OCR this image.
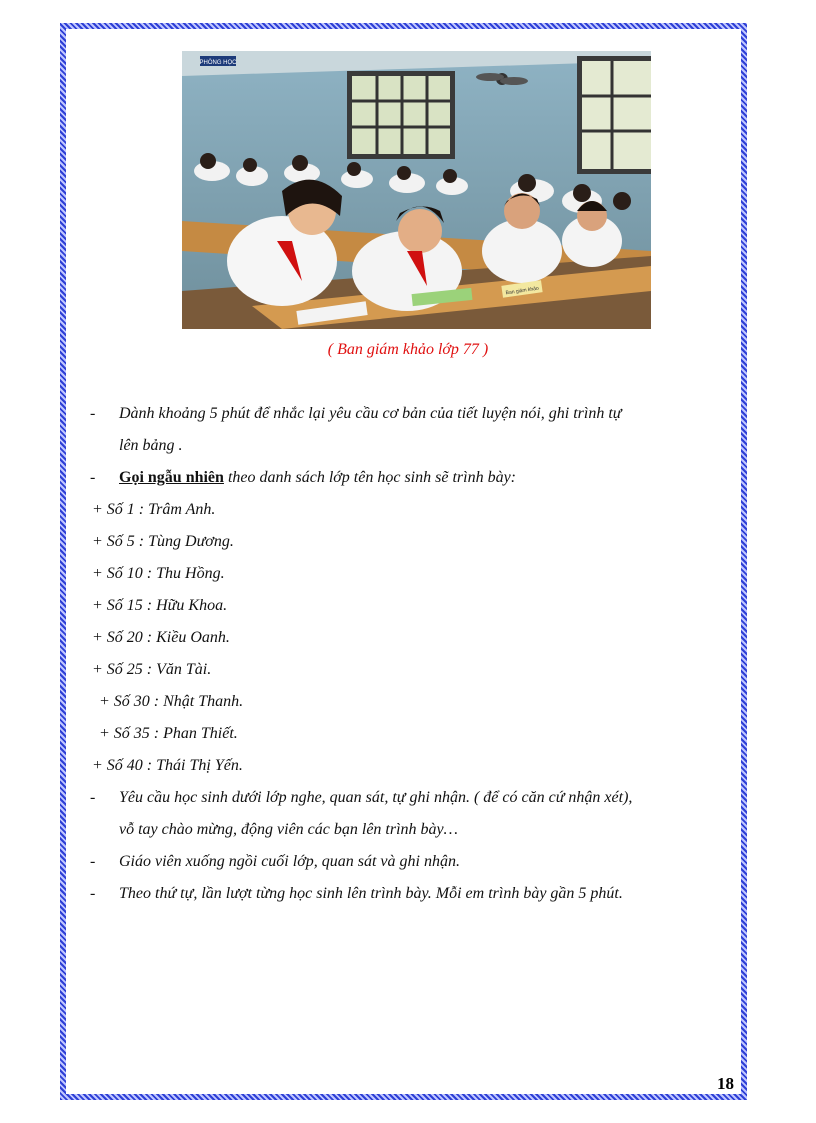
PHÒNG HỌC
Ban giám khảo
( Ban giám khảo lớp 77 )
- Dành khoảng 5 phút để nhắc lại yêu cầu cơ bản của tiết luyện nói, ghi trình tự
lên bảng .
- Gọi ngẫu nhiên theo danh sách lớp tên học sinh sẽ trình bày:
+ Số 1 : Trâm Anh.
+ Số 5 : Tùng Dương.
+ Số 10 : Thu Hồng.
+ Số 15 : Hữu Khoa.
+ Số 20 : Kiều Oanh.
+ Số 25 : Văn Tài.
+ Số 30 : Nhật Thanh.
+ Số 35 : Phan Thiết.
+ Số 40 : Thái Thị Yến.
- Yêu cầu học sinh dưới lớp nghe, quan sát, tự ghi nhận. ( để có căn cứ nhận xét),
vỗ tay chào mừng, động viên các bạn lên trình bày…
- Giáo viên xuống ngồi cuối lớp, quan sát và ghi nhận.
- Theo thứ tự, lần lượt từng học sinh lên trình bày. Mỗi em trình bày gần 5 phút.
18
